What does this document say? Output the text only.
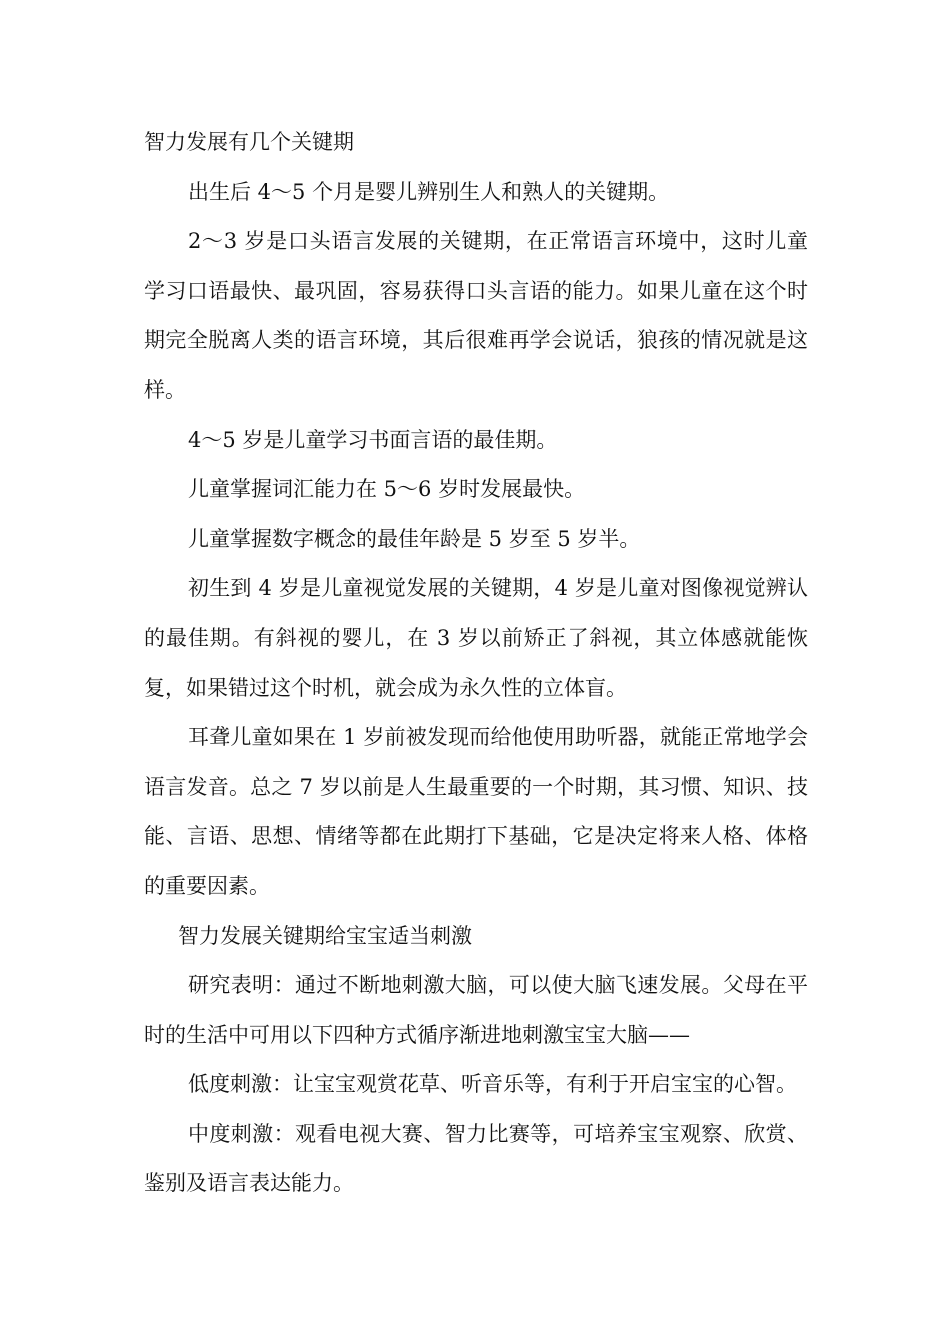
智力发展有几个关键期

出生后 4～5 个月是婴儿辨别生人和熟人的关键期。

2～3 岁是口头语言发展的关键期，在正常语言环境中，这时儿童学习口语最快、最巩固，容易获得口头言语的能力。如果儿童在这个时期完全脱离人类的语言环境，其后很难再学会说话，狼孩的情况就是这样。

4～5 岁是儿童学习书面言语的最佳期。

儿童掌握词汇能力在 5～6 岁时发展最快。

儿童掌握数字概念的最佳年龄是 5 岁至 5 岁半。

初生到 4 岁是儿童视觉发展的关键期，4 岁是儿童对图像视觉辨认的最佳期。有斜视的婴儿，在 3 岁以前矫正了斜视，其立体感就能恢复，如果错过这个时机，就会成为永久性的立体盲。

耳聋儿童如果在 1 岁前被发现而给他使用助听器，就能正常地学会语言发音。总之 7 岁以前是人生最重要的一个时期，其习惯、知识、技能、言语、思想、情绪等都在此期打下基础，它是决定将来人格、体格的重要因素。

智力发展关键期给宝宝适当刺激

研究表明：通过不断地刺激大脑，可以使大脑飞速发展。父母在平时的生活中可用以下四种方式循序渐进地刺激宝宝大脑——

低度刺激：让宝宝观赏花草、听音乐等，有利于开启宝宝的心智。

中度刺激：观看电视大赛、智力比赛等，可培养宝宝观察、欣赏、鉴别及语言表达能力。
